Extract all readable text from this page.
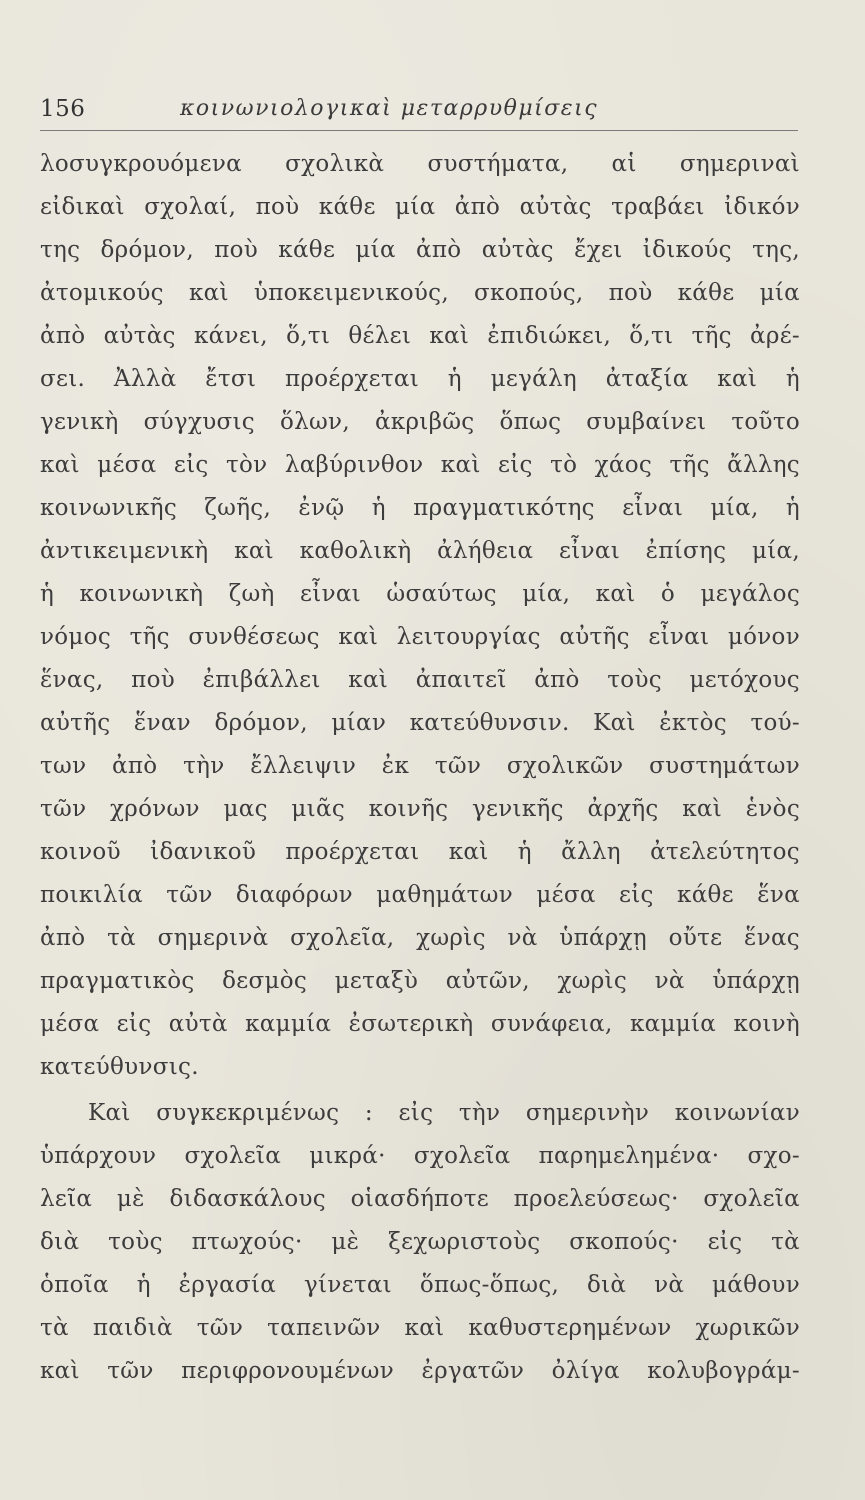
156	κοινωνιολογικαὶ μεταρρυθμίσεις
λοσυγκρουόμενα σχολικὰ συστήματα, αἱ σημεριναὶ
εἰδικαὶ σχολαί, ποὺ κάθε μία ἀπὸ αὐτὰς τραβάει ἰδικόν
της δρόμον, ποὺ κάθε μία ἀπὸ αὐτὰς ἔχει ἰδικούς της,
ἀτομικούς καὶ ὑποκειμενικούς, σκοπούς, ποὺ κάθε μία
ἀπὸ αὐτὰς κάνει, ὅ,τι θέλει καὶ ἐπιδιώκει, ὅ,τι τῆς ἀρέ-
σει. Ἀλλὰ ἔτσι προέρχεται ἡ μεγάλη ἀταξία καὶ ἡ
γενικὴ σύγχυσις ὅλων, ἀκριβῶς ὅπως συμβαίνει τοῦτο
καὶ μέσα εἰς τὸν λαβύρινθον καὶ εἰς τὸ χάος τῆς ἄλλης
κοινωνικῆς ζωῆς, ἐνῷ ἡ πραγματικότης εἶναι μία, ἡ
ἀντικειμενικὴ καὶ καθολικὴ ἀλήθεια εἶναι ἐπίσης μία,
ἡ κοινωνικὴ ζωὴ εἶναι ὡσαύτως μία, καὶ ὁ μεγάλος
νόμος τῆς συνθέσεως καὶ λειτουργίας αὐτῆς εἶναι μόνον
ἕνας, ποὺ ἐπιβάλλει καὶ ἀπαιτεῖ ἀπὸ τοὺς μετόχους
αὐτῆς ἕναν δρόμον, μίαν κατεύθυνσιν. Καὶ ἐκτὸς τού-
των ἀπὸ τὴν ἔλλειψιν ἐκ τῶν σχολικῶν συστημάτων
τῶν χρόνων μας μιᾶς κοινῆς γενικῆς ἀρχῆς καὶ ἑνὸς
κοινοῦ ἰδανικοῦ προέρχεται καὶ ἡ ἄλλη ἀτελεύτητος
ποικιλία τῶν διαφόρων μαθημάτων μέσα εἰς κάθε ἕνα
ἀπὸ τὰ σημερινὰ σχολεῖα, χωρὶς νὰ ὑπάρχῃ οὔτε ἕνας
πραγματικὸς δεσμὸς μεταξὺ αὐτῶν, χωρὶς νὰ ὑπάρχῃ
μέσα εἰς αὐτὰ καμμία ἐσωτερικὴ συνάφεια, καμμία κοινὴ
κατεύθυνσις.
Καὶ συγκεκριμένως : εἰς τὴν σημερινὴν κοινωνίαν
ὑπάρχουν σχολεῖα μικρά· σχολεῖα παρημελημένα· σχο-
λεῖα μὲ διδασκάλους οἱασδήποτε προελεύσεως· σχολεῖα
διὰ τοὺς πτωχούς· μὲ ξεχωριστοὺς σκοπούς· εἰς τὰ
ὁποῖα ἡ ἐργασία γίνεται ὅπως-ὅπως, διὰ νὰ μάθουν
τὰ παιδιὰ τῶν ταπεινῶν καὶ καθυστερημένων χωρικῶν
καὶ τῶν περιφρονουμένων ἐργατῶν ὀλίγα κολυβογράμ-
